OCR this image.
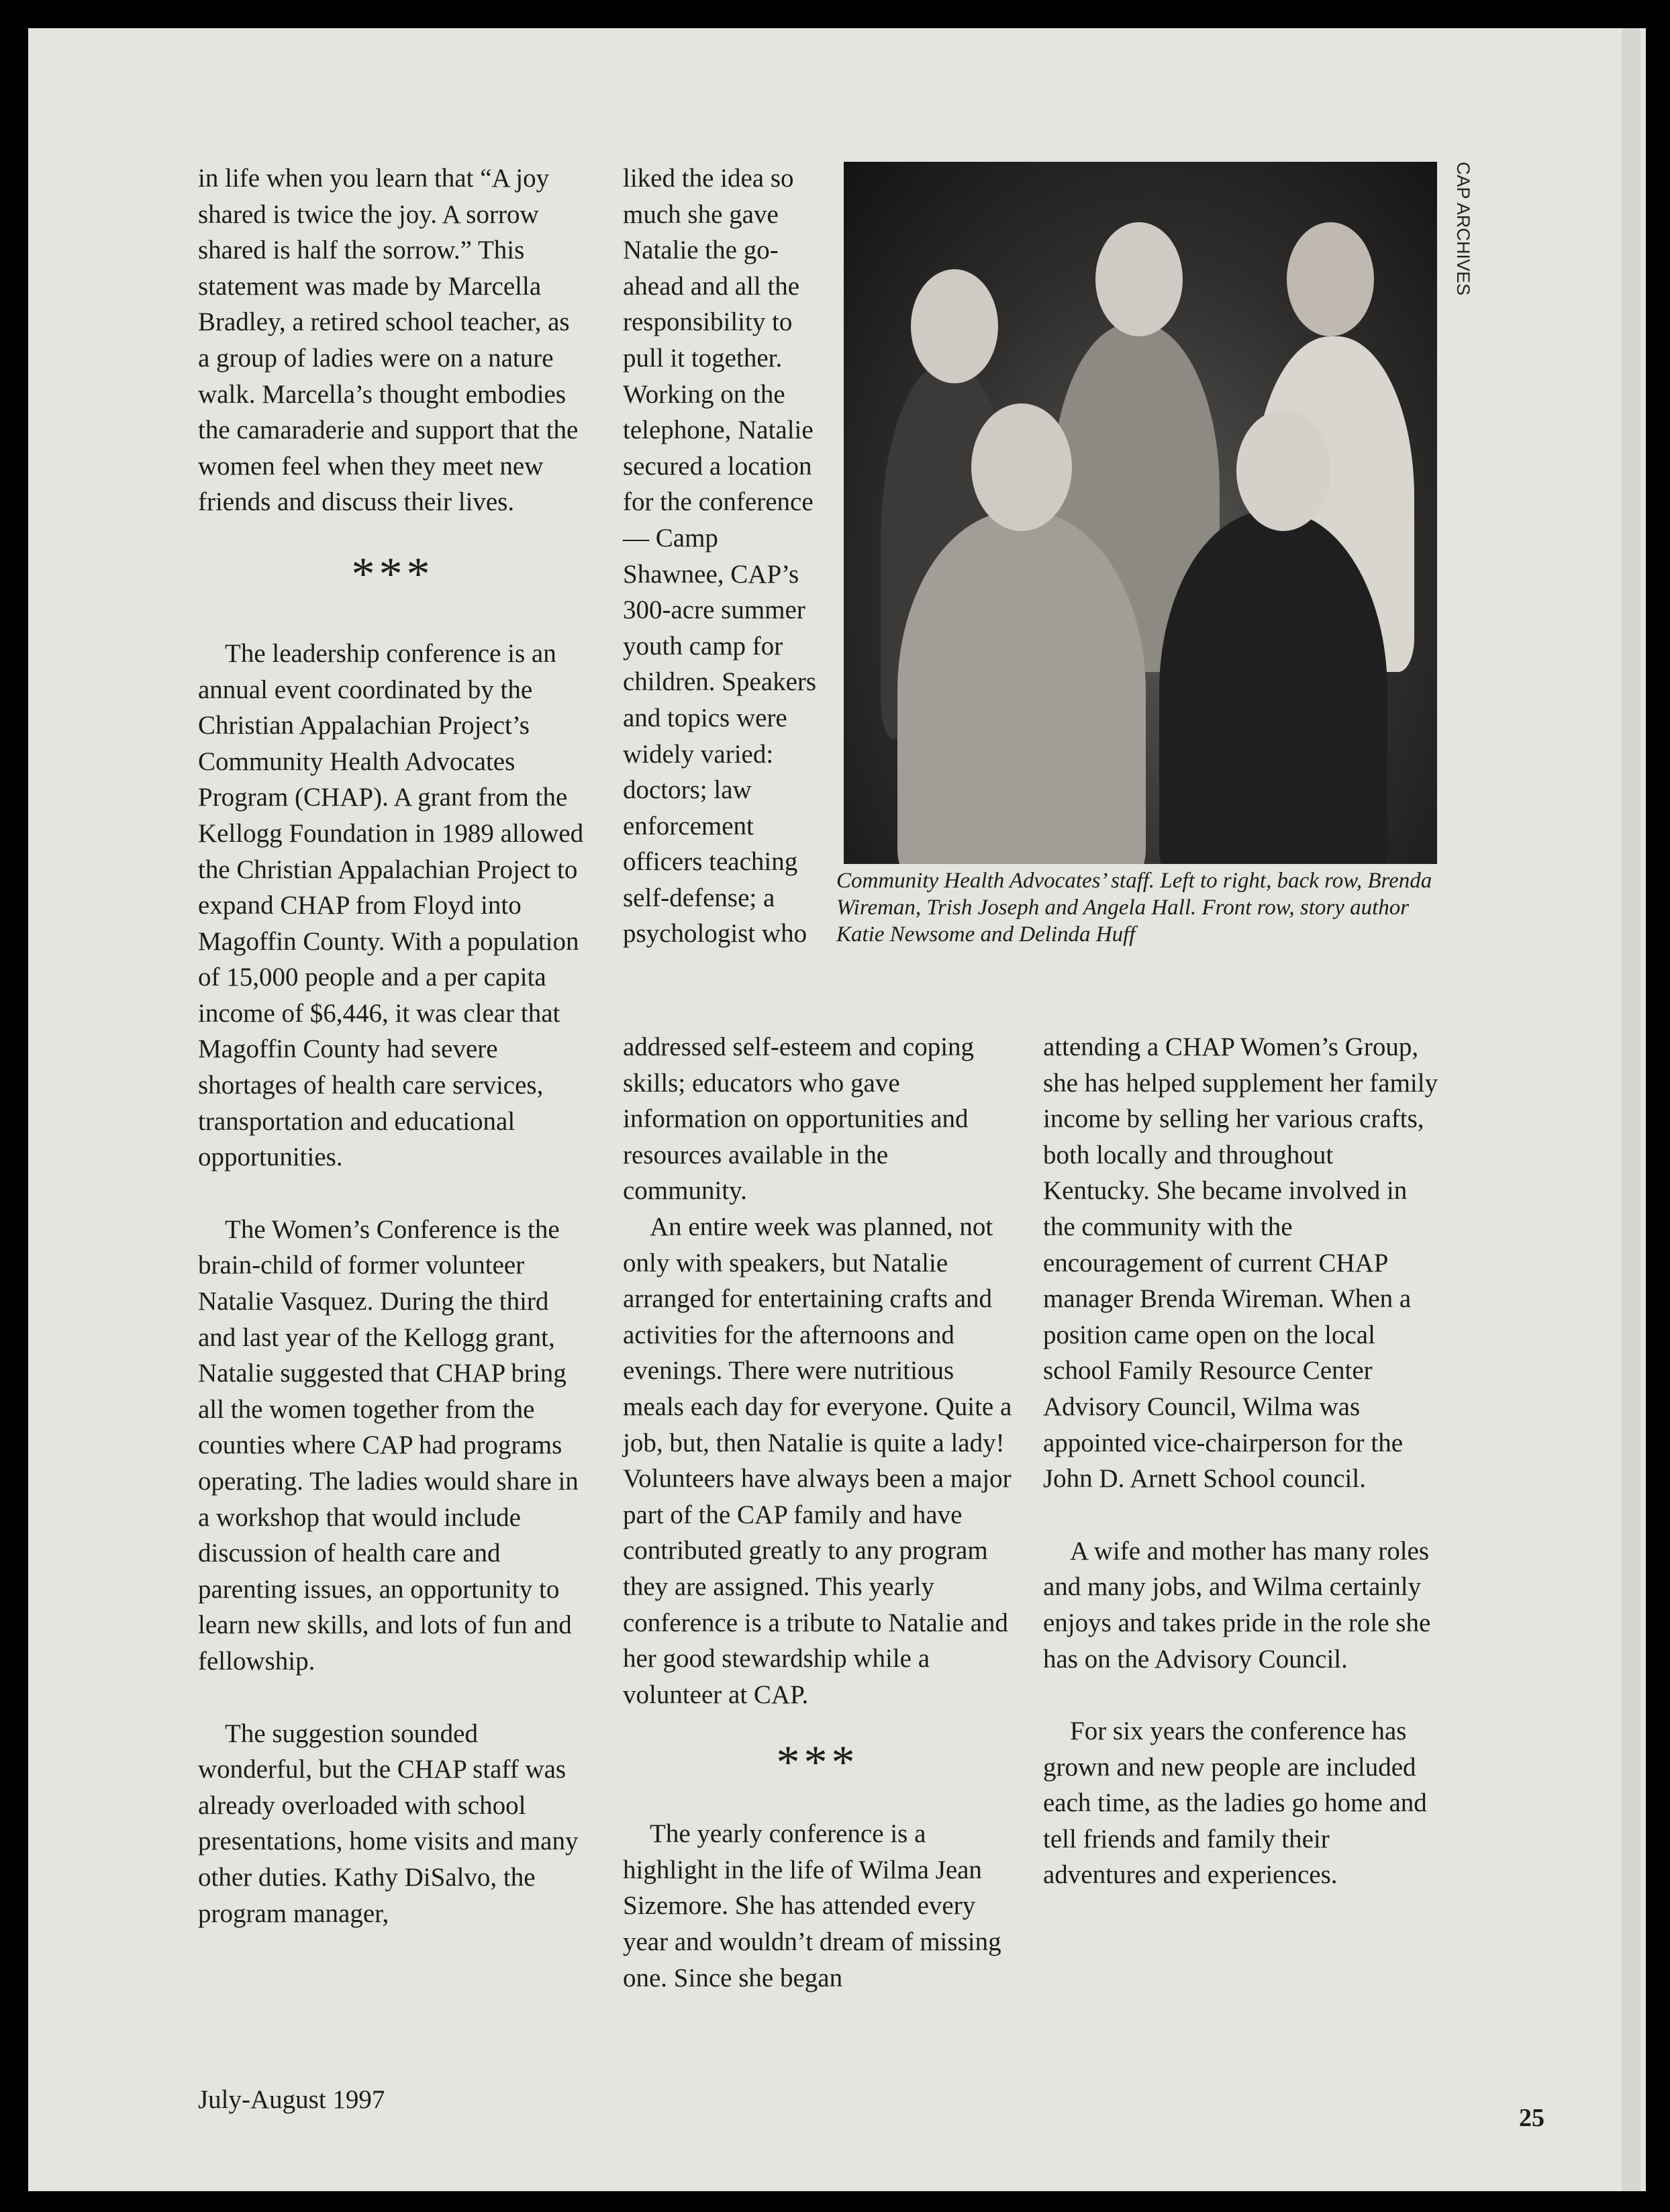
in life when you learn that “A joy shared is twice the joy. A sorrow shared is half the sorrow.” This statement was made by Marcella Bradley, a retired school teacher, as a group of ladies were on a nature walk. Marcella’s thought embodies the camaraderie and support that the women feel when they meet new friends and discuss their lives.

***

The leadership conference is an annual event coordinated by the Christian Appalachian Project’s Community Health Advocates Program (CHAP). A grant from the Kellogg Foundation in 1989 allowed the Christian Appalachian Project to expand CHAP from Floyd into Magoffin County. With a population of 15,000 people and a per capita income of $6,446, it was clear that Magoffin County had severe shortages of health care services, transportation and educational opportunities.

The Women’s Conference is the brain-child of former volunteer Natalie Vasquez. During the third and last year of the Kellogg grant, Natalie suggested that CHAP bring all the women together from the counties where CAP had programs operating. The ladies would share in a workshop that would include discussion of health care and parenting issues, an opportunity to learn new skills, and lots of fun and fellowship.

The suggestion sounded wonderful, but the CHAP staff was already overloaded with school presentations, home visits and many other duties. Kathy DiSalvo, the program manager,

liked the idea so much she gave Natalie the go-ahead and all the responsibility to pull it together. Working on the telephone, Natalie secured a location for the conference — Camp Shawnee, CAP’s 300-acre summer youth camp for children. Speakers and topics were widely varied: doctors; law enforcement officers teaching self-defense; a psychologist who

addressed self-esteem and coping skills; educators who gave information on opportunities and resources available in the community.

An entire week was planned, not only with speakers, but Natalie arranged for entertaining crafts and activities for the afternoons and evenings. There were nutritious meals each day for everyone. Quite a job, but, then Natalie is quite a lady! Volunteers have always been a major part of the CAP family and have contributed greatly to any program they are assigned. This yearly conference is a tribute to Natalie and her good stewardship while a volunteer at CAP.

***

The yearly conference is a highlight in the life of Wilma Jean Sizemore. She has attended every year and wouldn’t dream of missing one. Since she began

attending a CHAP Women’s Group, she has helped supplement her family income by selling her various crafts, both locally and throughout Kentucky. She became involved in the community with the encouragement of current CHAP manager Brenda Wireman. When a position came open on the local school Family Resource Center Advisory Council, Wilma was appointed vice-chairperson for the John D. Arnett School council.

A wife and mother has many roles and many jobs, and Wilma certainly enjoys and takes pride in the role she has on the Advisory Council.

For six years the conference has grown and new people are included each time, as the ladies go home and tell friends and family their adventures and experiences.

CAP ARCHIVES
Community Health Advocates’ staff. Left to right, back row, Brenda Wireman, Trish Joseph and Angela Hall. Front row, story author Katie Newsome and Delinda Huff
July-August 1997
25
